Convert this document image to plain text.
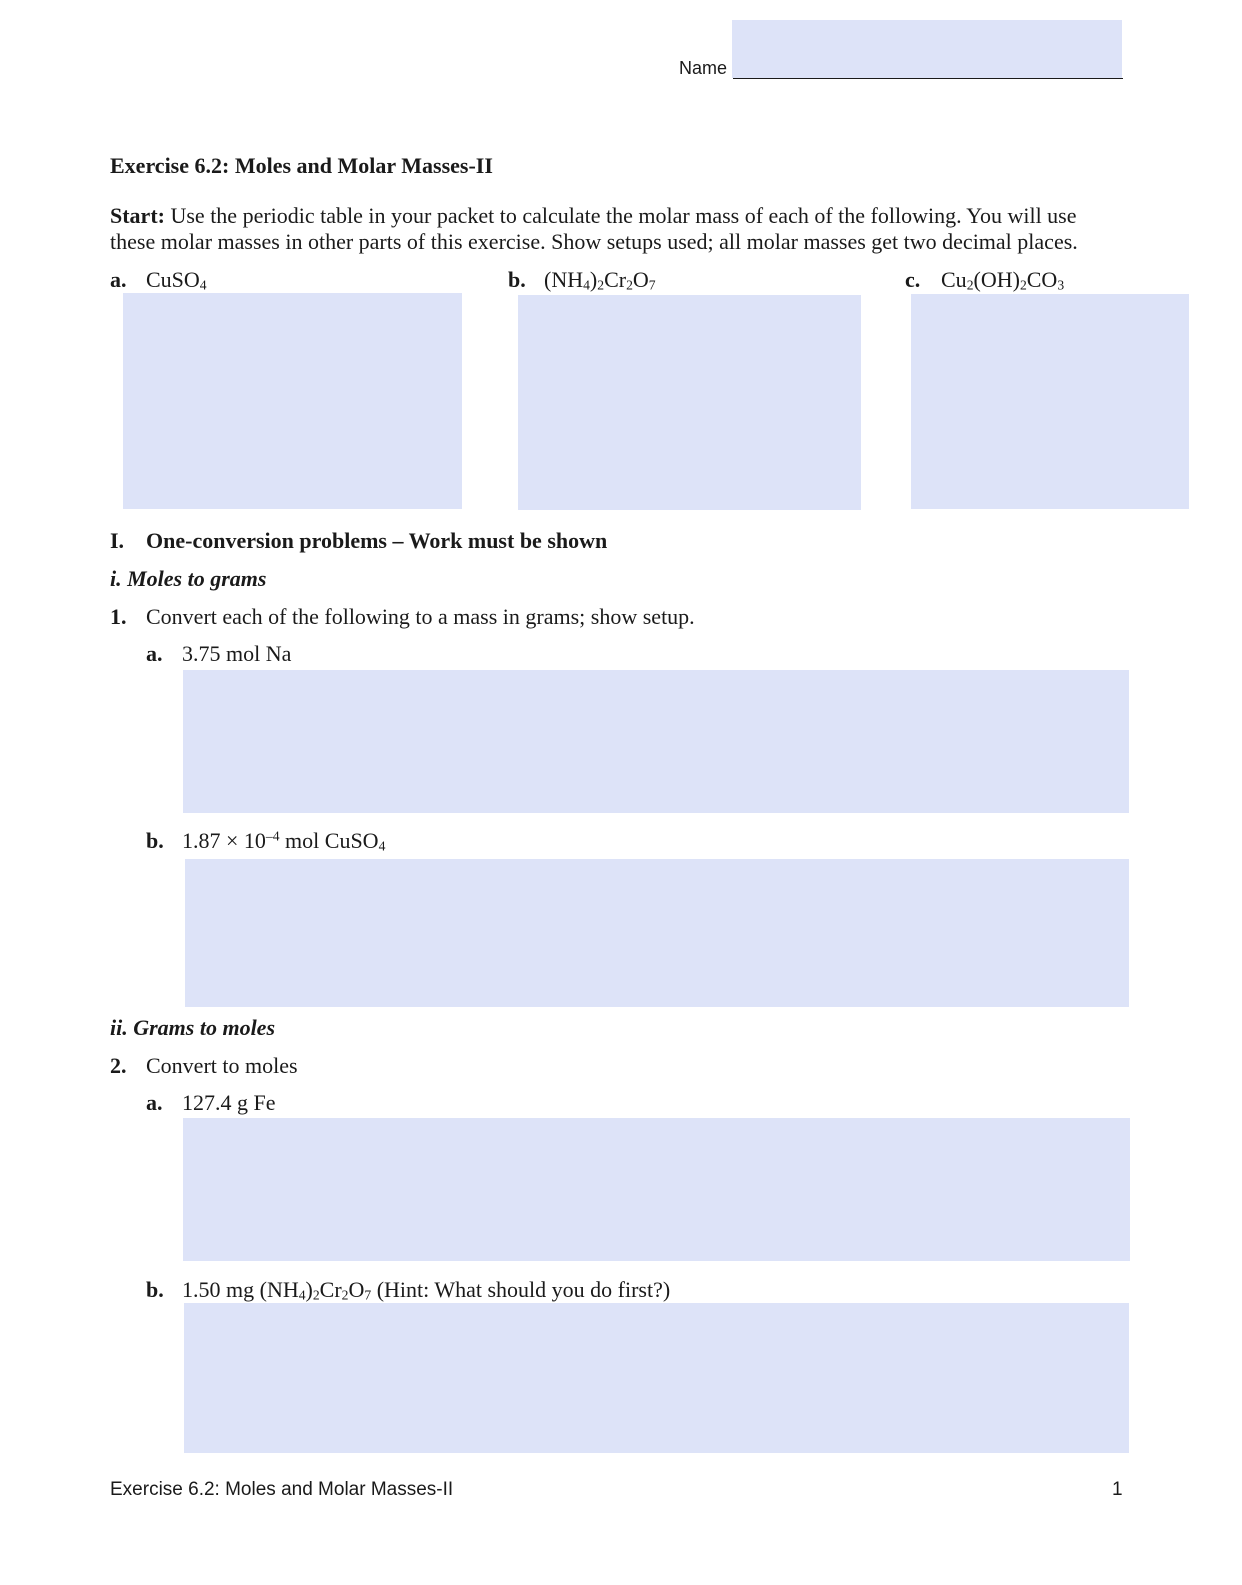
Name
Exercise 6.2: Moles and Molar Masses-II
Start: Use the periodic table in your packet to calculate the molar mass of each of the following. You will use these molar masses in other parts of this exercise. Show setups used; all molar masses get two decimal places.
a. CuSO$_4$	b. $(NH_4)_2Cr_2O_7$	c. $Cu_2(OH)_2CO_3$
I. One-conversion problems – Work must be shown
i. Moles to grams
1. Convert each of the following to a mass in grams; show setup.
a. 3.75 mol Na
b. $1.87 \times 10^{-4}$ mol CuSO$_4$
ii. Grams to moles
2. Convert to moles
a. 127.4 g Fe
b. 1.50 mg $(NH_4)_2Cr_2O_7$ (Hint: What should you do first?)
Exercise 6.2: Moles and Molar Masses-II	1
